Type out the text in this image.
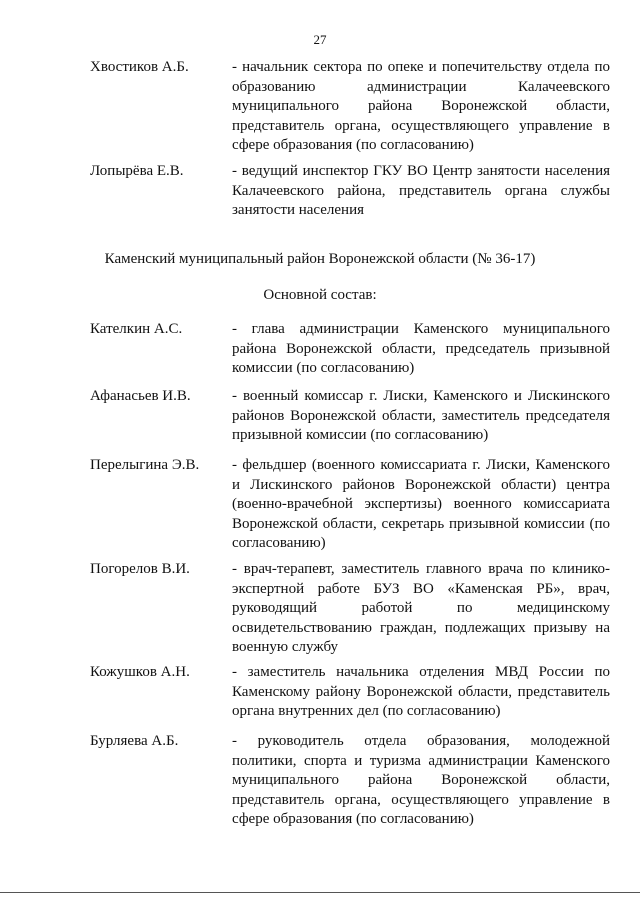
27
Хвостиков А.Б.	- начальник сектора по опеке и попечительству отдела по образованию администрации Калачеевского муниципального района Воронежской области, представитель органа, осуществляющего управление в сфере образования (по согласованию)
Лопырёва Е.В.	- ведущий инспектор ГКУ ВО Центр занятости населения Калачеевского района, представитель органа службы занятости населения
Каменский муниципальный район Воронежской области (№ 36-17)
Основной состав:
Кателкин А.С.	- глава администрации Каменского муниципального района Воронежской области, председатель призывной комиссии (по согласованию)
Афанасьев И.В.	- военный комиссар г. Лиски, Каменского и Лискинского районов Воронежской области, заместитель председателя призывной комиссии (по согласованию)
Перелыгина Э.В. - фельдшер (военного комиссариата г. Лиски, Каменского и Лискинского районов Воронежской области) центра (военно-врачебной экспертизы) военного комиссариата Воронежской области, секретарь призывной комиссии (по согласованию)
Погорелов В.И.	- врач-терапевт, заместитель главного врача по клинико-экспертной работе БУЗ ВО «Каменская РБ», врач, руководящий работой по медицинскому освидетельствованию граждан, подлежащих призыву на военную службу
Кожушков А.Н.	- заместитель начальника отделения МВД России по Каменскому району Воронежской области, представитель органа внутренних дел (по согласованию)
Бурляева А.Б.	- руководитель отдела образования, молодежной политики, спорта и туризма администрации Каменского муниципального района Воронежской области, представитель органа, осуществляющего управление в сфере образования (по согласованию)
